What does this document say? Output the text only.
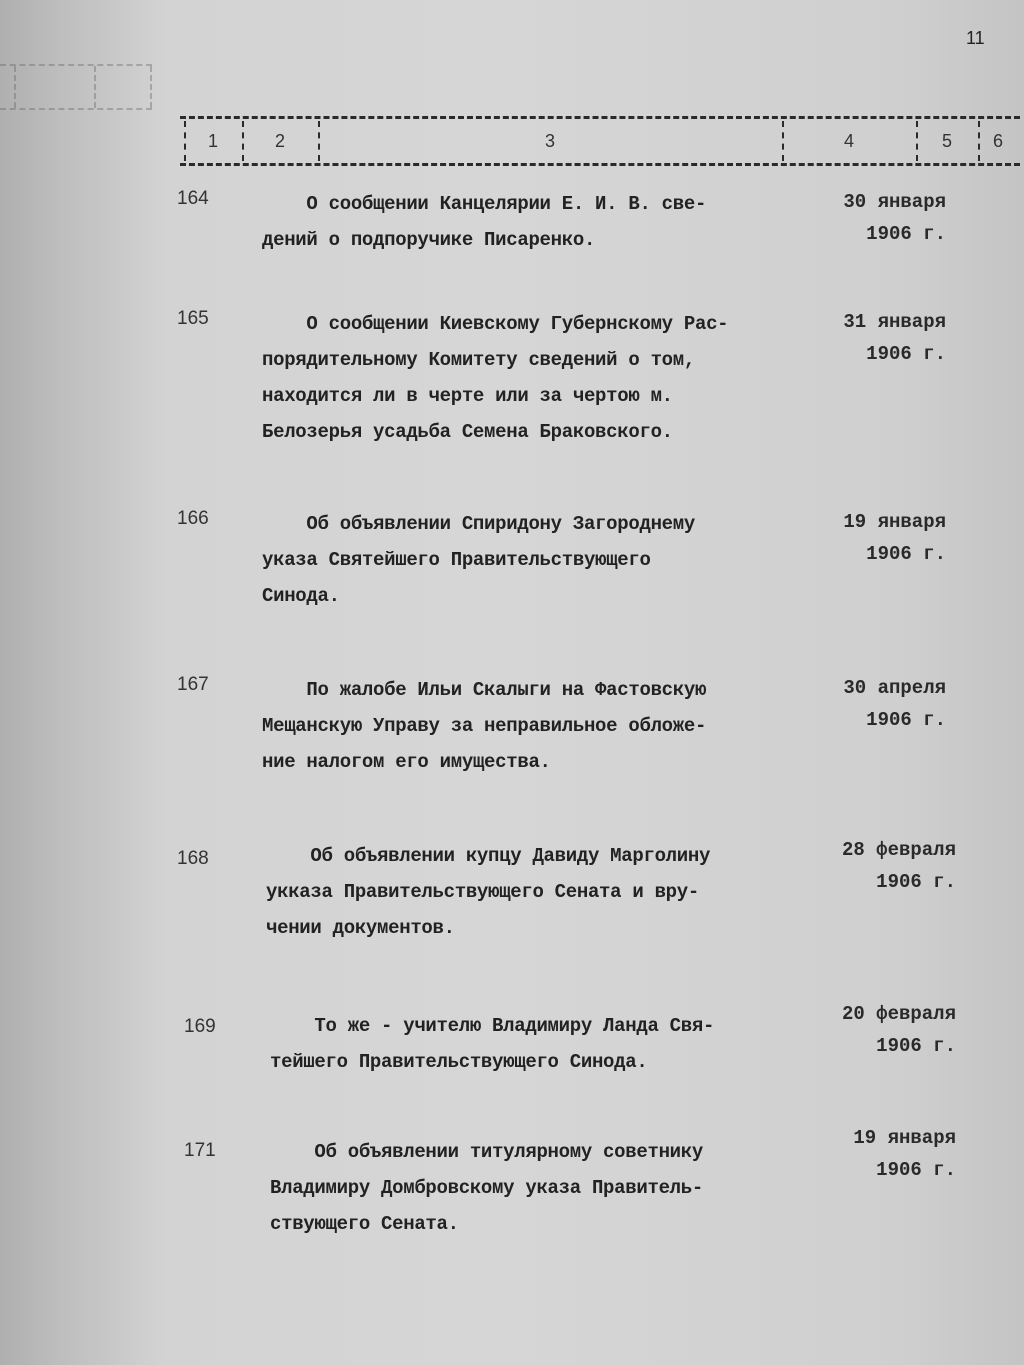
11
1	2	3	4	5	6
164	О сообщении Канцелярии Е. И. В. све-
дений о подпоручике Писаренко.
30 января
1906 г.
165	О сообщении Киевскому Губернскому Рас-
порядительному Комитету сведений о том,
находится ли в черте или за чертою м.
Белозерья усадьба Семена Браковского.
31 января
1906 г.
166	Об объявлении Спиридону Загороднему
указа Святейшего Правительствующего
Синода.
19 января
1906 г.
167	По жалобе Ильи Скалыги на Фастовскую
Мещанскую Управу за неправильное обложе-
ние налогом его имущества.
30 апреля
1906 г.
168	Об объявлении купцу Давиду Марголину
укказа Правительствующего Сената и вру-
чении документов.
28 февраля
1906 г.
169	То же - учителю Владимиру Ланда Свя-
тейшего Правительствующего Синода.
20 февраля
1906 г.
171	Об объявлении титулярному советнику
Владимиру Домбровскому указа Правитель-
ствующего Сената.
19 января
1906 г.
